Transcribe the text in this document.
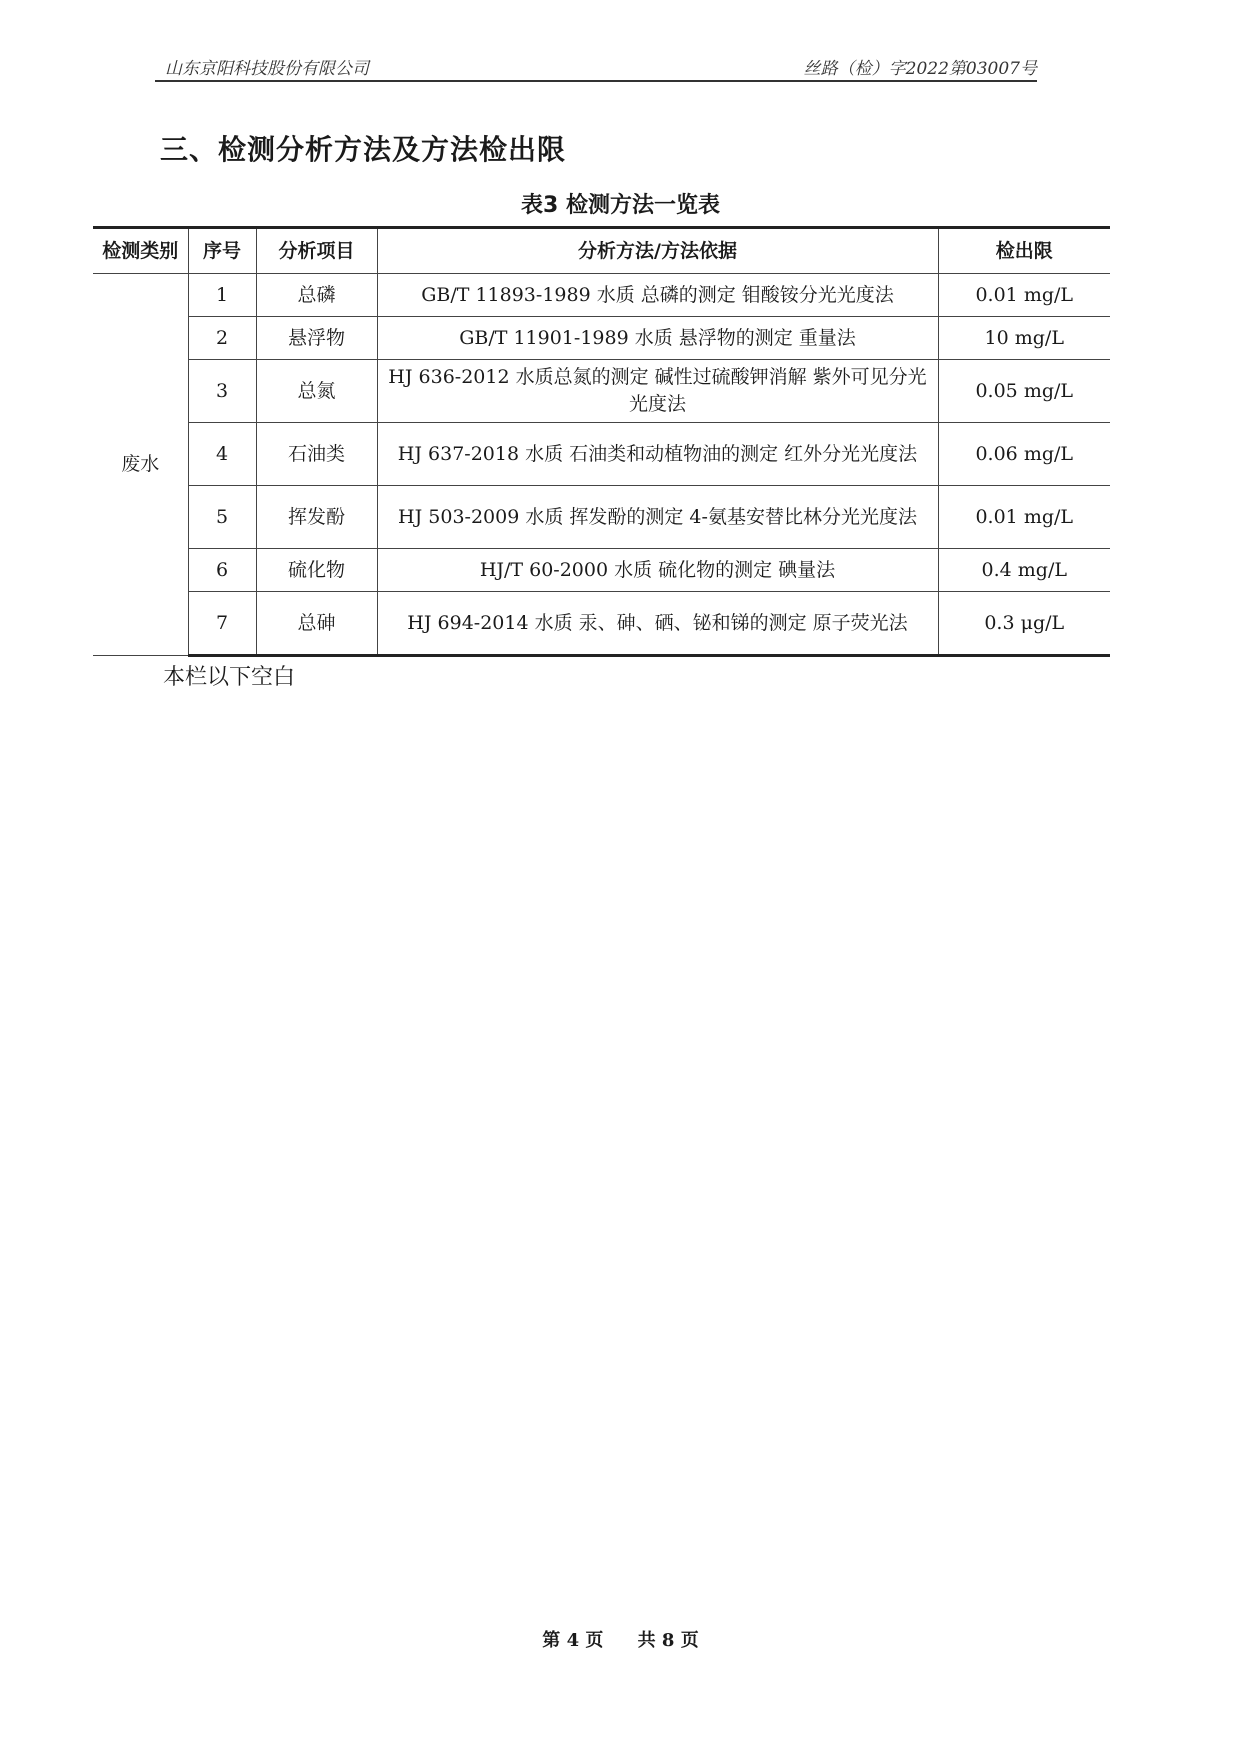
山东京阳科技股份有限公司	丝路（检）字2022第03007号
三、检测分析方法及方法检出限
表3 检测方法一览表
检测类别	序号	分析项目	分析方法/方法依据	检出限
废水	1	总磷	GB/T 11893-1989 水质 总磷的测定 钼酸铵分光光度法	0.01 mg/L
	2	悬浮物	GB/T 11901-1989 水质 悬浮物的测定 重量法	10 mg/L
	3	总氮	HJ 636-2012 水质总氮的测定 碱性过硫酸钾消解 紫外可见分光光度法	0.05 mg/L
	4	石油类	HJ 637-2018 水质 石油类和动植物油的测定 红外分光光度法	0.06 mg/L
	5	挥发酚	HJ 503-2009 水质 挥发酚的测定 4-氨基安替比林分光光度法	0.01 mg/L
	6	硫化物	HJ/T 60-2000 水质 硫化物的测定 碘量法	0.4 mg/L
	7	总砷	HJ 694-2014 水质 汞、砷、硒、铋和锑的测定 原子荧光法	0.3 μg/L
本栏以下空白
第 4 页 共 8 页
